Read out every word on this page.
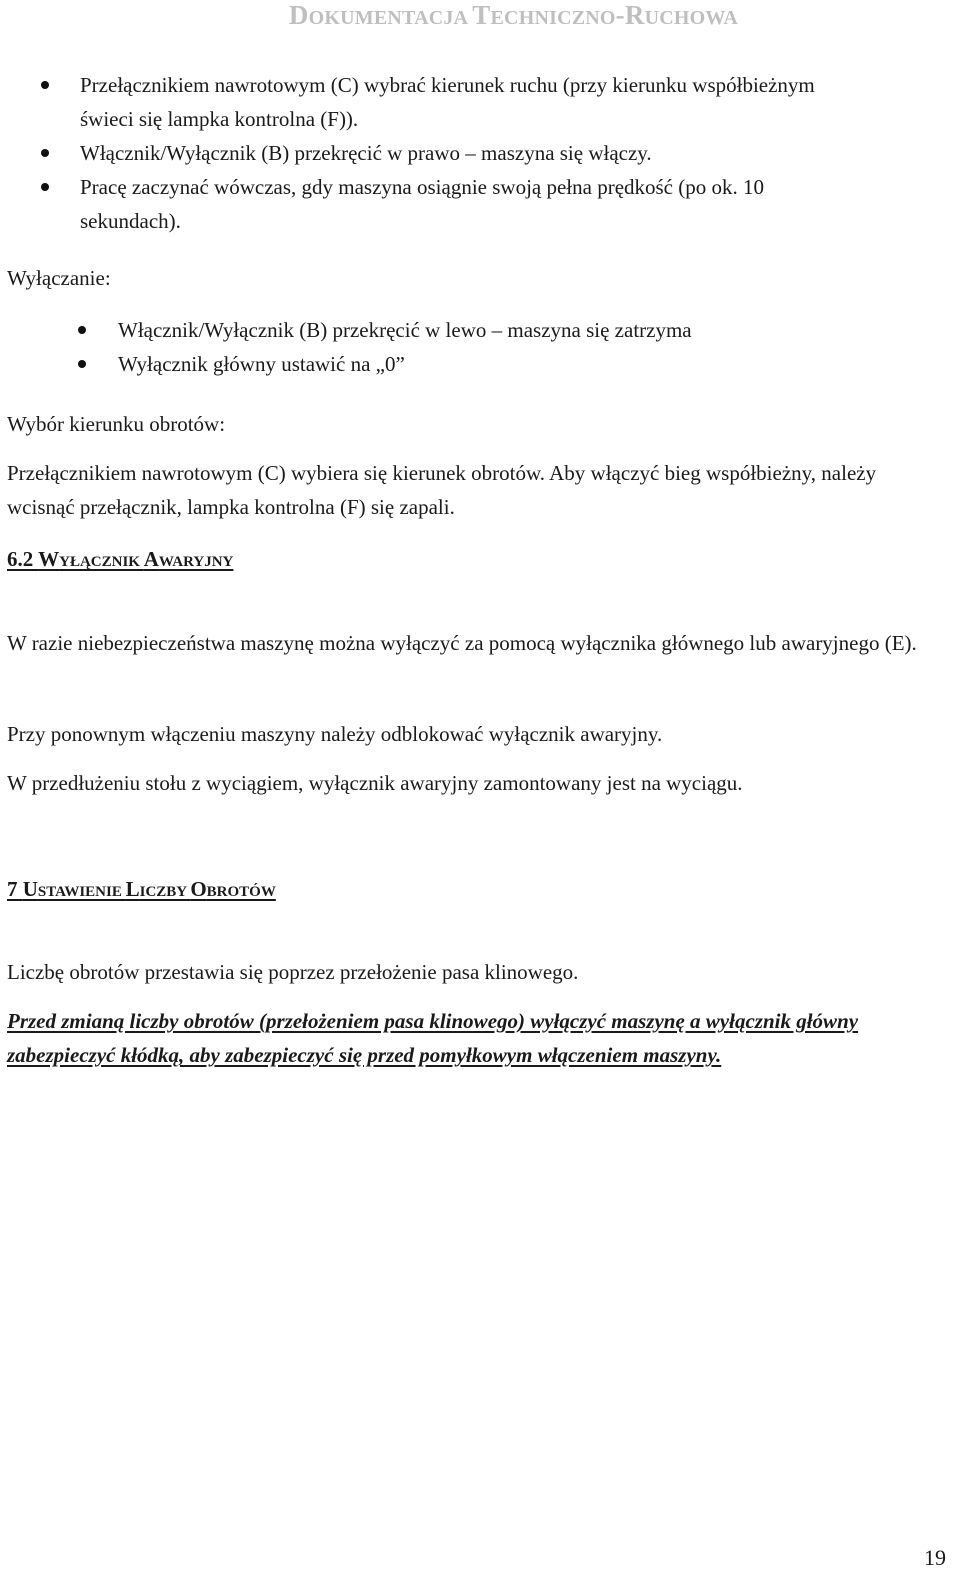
DOKUMENTACJA TECHNICZNO-RUCHOWA
Przełącznikiem nawrotowym (C) wybrać kierunek ruchu (przy kierunku współbieżnym świeci się lampka kontrolna (F)).
Włącznik/Wyłącznik (B) przekręcić w prawo – maszyna się włączy.
Pracę zaczynać wówczas, gdy maszyna osiągnie swoją pełna prędkość (po ok. 10 sekundach).

Wyłączanie:

Włącznik/Wyłącznik (B) przekręcić w lewo – maszyna się zatrzyma
Wyłącznik główny ustawić na „0”

Wybór kierunku obrotów:

Przełącznikiem nawrotowym (C) wybiera się kierunek obrotów. Aby włączyć bieg współbieżny, należy wcisnąć przełącznik, lampka kontrolna (F) się zapali.

6.2 WYŁĄCZNIK AWARYJNY

W razie niebezpieczeństwa maszynę można wyłączyć za pomocą wyłącznika głównego lub awaryjnego (E).

Przy ponownym włączeniu maszyny należy odblokować wyłącznik awaryjny.

W przedłużeniu stołu z wyciągiem, wyłącznik awaryjny zamontowany jest na wyciągu.

7 USTAWIENIE LICZBY OBROTÓW

Liczbę obrotów przestawia się poprzez przełożenie pasa klinowego.

Przed zmianą liczby obrotów (przełożeniem pasa klinowego) wyłączyć maszynę a wyłącznik główny zabezpieczyć kłódką, aby zabezpieczyć się przed pomyłkowym włączeniem maszyny.

19
